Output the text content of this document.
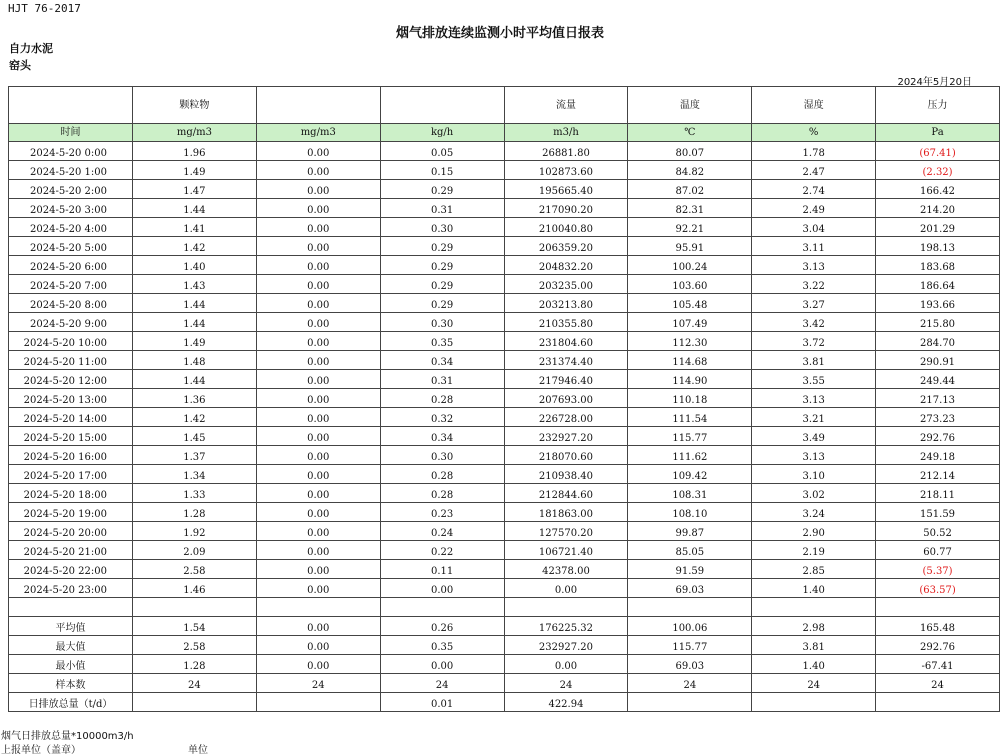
HJT 76-2017
烟气排放连续监测小时平均值日报表
自力水泥
窑头
2024年5月20日
	颗粒物			流量	温度	湿度	压力
时间	mg/m3	mg/m3	kg/h	m3/h	℃	%	Pa
2024-5-20 0:00	1.96	0.00	0.05	26881.80	80.07	1.78	(67.41)
2024-5-20 1:00	1.49	0.00	0.15	102873.60	84.82	2.47	(2.32)
2024-5-20 2:00	1.47	0.00	0.29	195665.40	87.02	2.74	166.42
2024-5-20 3:00	1.44	0.00	0.31	217090.20	82.31	2.49	214.20
2024-5-20 4:00	1.41	0.00	0.30	210040.80	92.21	3.04	201.29
2024-5-20 5:00	1.42	0.00	0.29	206359.20	95.91	3.11	198.13
2024-5-20 6:00	1.40	0.00	0.29	204832.20	100.24	3.13	183.68
2024-5-20 7:00	1.43	0.00	0.29	203235.00	103.60	3.22	186.64
2024-5-20 8:00	1.44	0.00	0.29	203213.80	105.48	3.27	193.66
2024-5-20 9:00	1.44	0.00	0.30	210355.80	107.49	3.42	215.80
2024-5-20 10:00	1.49	0.00	0.35	231804.60	112.30	3.72	284.70
2024-5-20 11:00	1.48	0.00	0.34	231374.40	114.68	3.81	290.91
2024-5-20 12:00	1.44	0.00	0.31	217946.40	114.90	3.55	249.44
2024-5-20 13:00	1.36	0.00	0.28	207693.00	110.18	3.13	217.13
2024-5-20 14:00	1.42	0.00	0.32	226728.00	111.54	3.21	273.23
2024-5-20 15:00	1.45	0.00	0.34	232927.20	115.77	3.49	292.76
2024-5-20 16:00	1.37	0.00	0.30	218070.60	111.62	3.13	249.18
2024-5-20 17:00	1.34	0.00	0.28	210938.40	109.42	3.10	212.14
2024-5-20 18:00	1.33	0.00	0.28	212844.60	108.31	3.02	218.11
2024-5-20 19:00	1.28	0.00	0.23	181863.00	108.10	3.24	151.59
2024-5-20 20:00	1.92	0.00	0.24	127570.20	99.87	2.90	50.52
2024-5-20 21:00	2.09	0.00	0.22	106721.40	85.05	2.19	60.77
2024-5-20 22:00	2.58	0.00	0.11	42378.00	91.59	2.85	(5.37)
2024-5-20 23:00	1.46	0.00	0.00	0.00	69.03	1.40	(63.57)

平均值	1.54	0.00	0.26	176225.32	100.06	2.98	165.48
最大值	2.58	0.00	0.35	232927.20	115.77	3.81	292.76
最小值	1.28	0.00	0.00	0.00	69.03	1.40	-67.41
样本数	24	24	24	24	24	24	24
日排放总量（t/d）			0.01	422.94			
烟气日排放总量*10000m3/h
上报单位（盖章）	单位
